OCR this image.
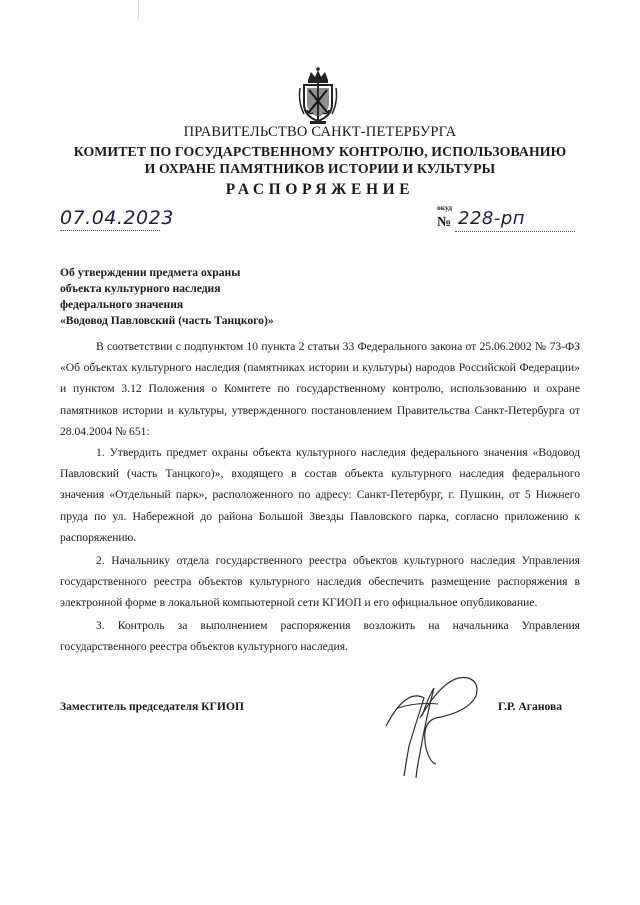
ПРАВИТЕЛЬСТВО САНКТ-ПЕТЕРБУРГА
КОМИТЕТ ПО ГОСУДАРСТВЕННОМУ КОНТРОЛЮ, ИСПОЛЬЗОВАНИЮ
И ОХРАНЕ ПАМЯТНИКОВ ИСТОРИИ И КУЛЬТУРЫ
РАСПОРЯЖЕНИЕ
07.04.2023	окуд
№ 228-рп
Об утверждении предмета охраны
объекта культурного наследия
федерального значения
«Водовод Павловский (часть Танцкого)»

В соответствии с подпунктом 10 пункта 2 статьи 33 Федерального закона от 25.06.2002 № 73-ФЗ «Об объектах культурного наследия (памятниках истории и культуры) народов Российской Федерации» и пунктом 3.12 Положения о Комитете по государственному контролю, использованию и охране памятников истории и культуры, утвержденного постановлением Правительства Санкт-Петербурга от 28.04.2004 № 651:

1. Утвердить предмет охраны объекта культурного наследия федерального значения «Водовод Павловский (часть Танцкого)», входящего в состав объекта культурного наследия федерального значения «Отдельный парк», расположенного по адресу: Санкт-Петербург, г. Пушкин, от 5 Нижнего пруда по ул. Набережной до района Большой Звезды Павловского парка, согласно приложению к распоряжению.

2. Начальнику отдела государственного реестра объектов культурного наследия Управления государственного реестра объектов культурного наследия обеспечить размещение распоряжения в электронной форме в локальной компьютерной сети КГИОП и его официальное опубликование.

3. Контроль за выполнением распоряжения возложить на начальника Управления государственного реестра объектов культурного наследия.

Заместитель председателя КГИОП	Г.Р. Аганова
